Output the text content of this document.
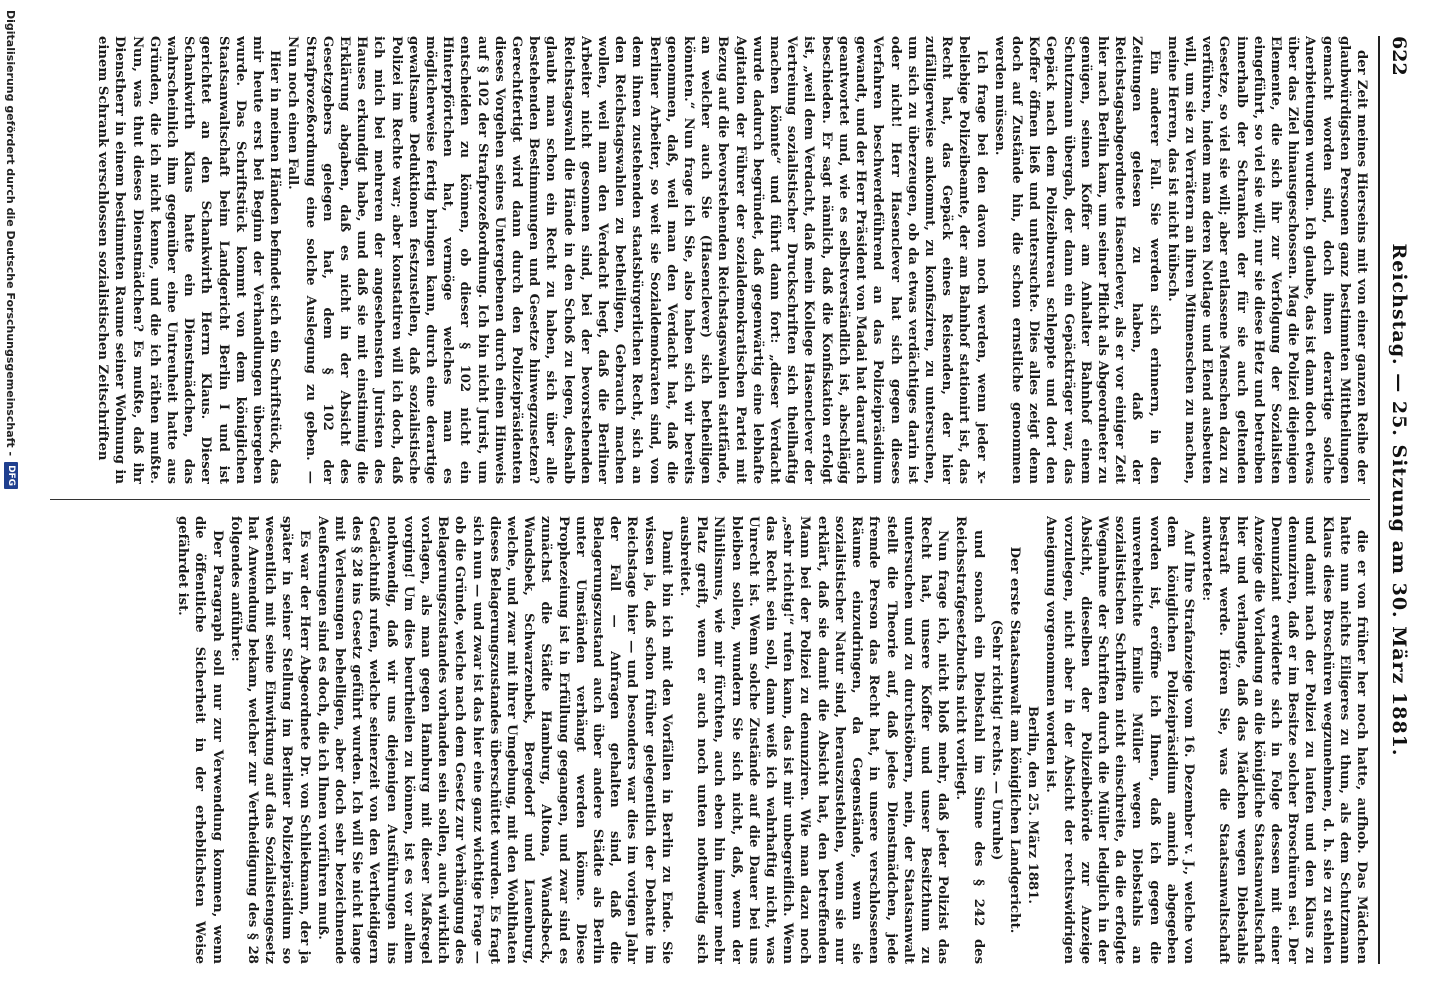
622
Reichstag. — 25. Sitzung am 30. März 1881.

der Zeit meines Hierseins mit von einer ganzen Reihe der glaubwürdigsten Personen ganz bestimmten Mittheilungen gemacht worden sind, doch ihnen derartige solche Anerbietungen wurden. Ich glaube, das ist dann doch etwas über das Ziel hinausgeschossen. Mag die Polizei diejenigen Elemente, die sich ihr zur Verfolgung der Sozialisten eingeführt, so viel sie will; nur sie diese Hetz und betreiben innerhalb der Schranken der für sie auch geltenden Gesetze, so viel sie will; aber entlassene Menschen dazu zu verführen, indem man deren Notlage und Elend ausbeuten will, um sie zu Verrätern an ihren Mitmenschen zu machen, meine Herren, das ist nicht hübsch.

Ein anderer Fall. Sie werden sich erinnern, in den Zeitungen gelesen zu haben, daß der Reichstagsabgeordnete Hasenclever, als er vor einiger Zeit hier nach Berlin kam, um seiner Pflicht als Abgeordneter zu genügen, seinen Koffer am Anhalter Bahnhof einem Schutzmann übergab, der dann ein Gepäckträger war, das Gepäck nach dem Polizeibureau schleppte und dort den Koffer öffnen ließ und untersuchte. Dies alles zeigt denn doch auf Zustände hin, die schon ernstliche genommen werden müssen.

Ich frage bei den davon noch werden, wenn jeder x-beliebige Polizeibeamte, der am Bahnhof stationirt ist, das Recht hat, das Gepäck eines Reisenden, der hier zufälligerweise ankommt, zu konfisziren, zu untersuchen, um sich zu überzeugen, ob da etwas verdächtiges darin ist oder nicht! Herr Hasenclever hat sich gegen dieses Verfahren beschwerdeführend an das Polizeipräsidium gewandt, und der Herr Präsident von Madai hat darauf auch geantwortet und, wie es selbstverständlich ist, abschlägig beschieden. Er sagt nämlich, daß die Konfiskation erfolgt ist, „weil dem Verdacht, daß mein Kollege Hasenclever der Vertreiung sozialistischer Druckschriften sich theilhaftig machen könnte“ und führt dann fort: „dieser Verdacht wurde dadurch begründet, daß gegenwärtig eine lebhafte Agitation der Führer der sozialdemokratischen Partei mit Bezug auf die bevorstehenden Reichstagswahlen stattfände, an welcher auch Sie (Hasenclever) sich betheiligen könnten.“ Nun frage ich Sie, also haben sich wir bereits genommen, daß, weil man den Verdacht hat, daß die Berliner Arbeiter, so weit sie Sozialdemokraten sind, von dem ihnen zustehenden staatsbürgerlichen Recht, sich an den Reichstagswahlen zu betheiligen, Gebrauch machen wollen, weil man den Verdacht hegt, daß die Berliner Arbeiter nicht gesonnen sind, bei der bevorstehenden Reichstagswahl die Hände in den Schoß zu legen, deshalb glaubt man schon ein Recht zu haben, sich über alle bestehenden Bestimmungen und Gesetze hinwegzusetzen? Gerechtfertigt wird dann durch den Polizeipräsidenten dieses Vorgehen seines Untergebenen durch einen Hinweis auf § 102 der Strafprozeßordnung. Ich bin nicht Jurist, um entscheiden zu können, ob dieser § 102 nicht ein Hinterpförtchen hat, vermöge welches man es möglicherweise fertig bringen kann, durch eine derartige gewaltsame Deduktionen festzustellen, daß sozialistische Polizei im Rechte war; aber konstatiren will ich doch, daß ich mich bei mehreren der angesehensten Juristen des Hauses erkundigt habe, und daß sie mit einstimmig die Erklärung abgaben, daß es nicht in der Absicht des Gesetzgebers gelegen hat, dem § 102 der Strafprozeßordnung eine solche Auslegung zu geben. — Nun noch einen Fall.

Hier in meinen Händen befindet sich ein Schriftstück, das mir heute erst bei Beginn der Verhandlungen übergeben wurde. Das Schriftstück kommt von dem königlichen Staatsanwaltschaft beim Landgericht Berlin I und ist gerichtet an den Schankwirth Herrn Klaus. Dieser Schankwirth Klaus hatte ein Dienstmädchen, das wahrscheinlich ihm gegenüber eine Untreuheit hatte aus Gründen, die ich nicht kenne, und die ich räthen mußte. Nun, was thut dieses Dienstmädchen? Es mußte, daß ihr Dienstherr in einem bestimmten Raume seiner Wohnung in einem Schrank verschlossen sozialistischen Zeitschriften

die er von früher her noch hatte, aufhob. Das Mädchen hatte nun nichts Eiligeres zu thun, als dem Schutzmann Klaus diese Broschüren wegzunehmen, d. h. sie zu stehlen und damit nach der Polizei zu laufen und den Klaus zu denunziren, daß er im Besitze solcher Broschüren sei. Der Denunziant erwiderte sich in Folge dessen mit einer Anzeige die Vorladung an die königliche Staatsanwaltschaft hier und verlangte, daß das Mädchen wegen Diebstahls bestraft werde. Hören Sie, was die Staatsanwaltschaft antwortete:

Auf Ihre Strafanzeige vom 16. Dezember v. J., welche von dem königlichen Polizeipräsidium anmich abgegeben worden ist, eröffne ich Ihnen, daß ich gegen die unverehelichte Emilie Müller wegen Diebstahls an sozialistischen Schriften nicht einschreite, da die erfolgte Wegnahme der Schriften durch die Müller lediglich in der Absicht, dieselben der Polizeibehörde zur Anzeige vorzulegen, nicht aber in der Absicht der rechtswidrigen Aneignung vorgenommen worden ist.

Berlin, den 25. März 1881.

Der erste Staatsanwalt am königlichen Landgericht.

(Sehr richtig! rechts. — Unruhe)

und sonach ein Diebstahl im Sinne des § 242 des Reichsstrafgesetzbuchs nicht vorliegt.

Nun frage ich, nicht bloß mehr, daß jeder Polizist das Recht hat, unsere Koffer und unser Besitzthum zu untersuchen und zu durchstöbern, nein, der Staatsanwalt stellt die Theorie auf, daß jedes Dienstmädchen, jede fremde Person das Recht hat, in unsere verschlossenen Räume einzudringen, da Gegenstände, wenn sie sozialistischer Natur sind, herauszustehlen, wenn sie nur erklärt, daß sie damit die Absicht hat, den betreffenden Mann bei der Polizei zu denunziren. Wie man dazu noch „sehr richtig!“ rufen kann, das ist mir unbegreiflich. Wenn das Recht sein soll, dann weiß ich wahrhaftig nicht, was Unrecht ist. Wenn solche Zustände auf die Dauer bei uns bleiben sollen, wundern Sie sich nicht, daß, wenn der Nihilismus, wie mir fürchten, auch eben hin immer mehr Platz greift, wenn er auch noch unten nothwendig sich ausbreitet.

Damit bin ich mit den Vorfällen in Berlin zu Ende. Sie wissen ja, daß schon früher gelegentlich der Debatte im Reichstage hier — und besonders war dies im vorigen Jahr der Fall — Anfragen gehalten sind, daß die Belagerungszustand auch über andere Städte als Berlin unter Umständen verhängt werden könne. Diese Prophezeiung ist in Erfüllung gegangen, und zwar sind es zunächst die Städte Hamburg, Altona, Wandsbeck, Wandsbek, Schwarzenbek, Bergedorf und Lauenburg, welche, und zwar mit ihrer Umgebung, mit den Wohlthaten dieses Belagerungszustandes überschüttet wurden. Es fragt sich nun — und zwar ist das hier eine ganz wichtige Frage — ob die Gründe, welche nach dem Gesetz zur Verhängung des Belagerungszustandes vorhanden sein sollen, auch wirklich vorlagen, als man gegen Hamburg mit dieser Maßregel vorging! Um dies beurtheilen zu können, ist es vor allem nothwendig, daß wir uns diejenigen Ausführungen ins Gedächtniß rufen, welche seinerzeit von den Vertheidigern des § 28 ins Gesetz geführt wurden. Ich will Sie nicht lange mit Verlesungen behelligen, aber doch sehr bezeichnende Aeußerungen sind es doch, die ich Ihnen vorführen muß.

Es war der Herr Abgeordnete Dr. von Schliekmann, der ja später in seiner Stellung im Berliner Polizeipräsidium so wesentlich mit seine Einwirkung auf das Sozialistengesetz hat Anwendung bekam, welcher zur Vertheidigung des § 28 folgendes anführte:

Der Paragraph soll nur zur Verwendung kommen, wenn die öffentliche Sicherheit in der erheblichsten Weise gefährdet ist.

Digitalisierung gefördert durch die Deutsche Forschungsgemeinschaft -
DFG
